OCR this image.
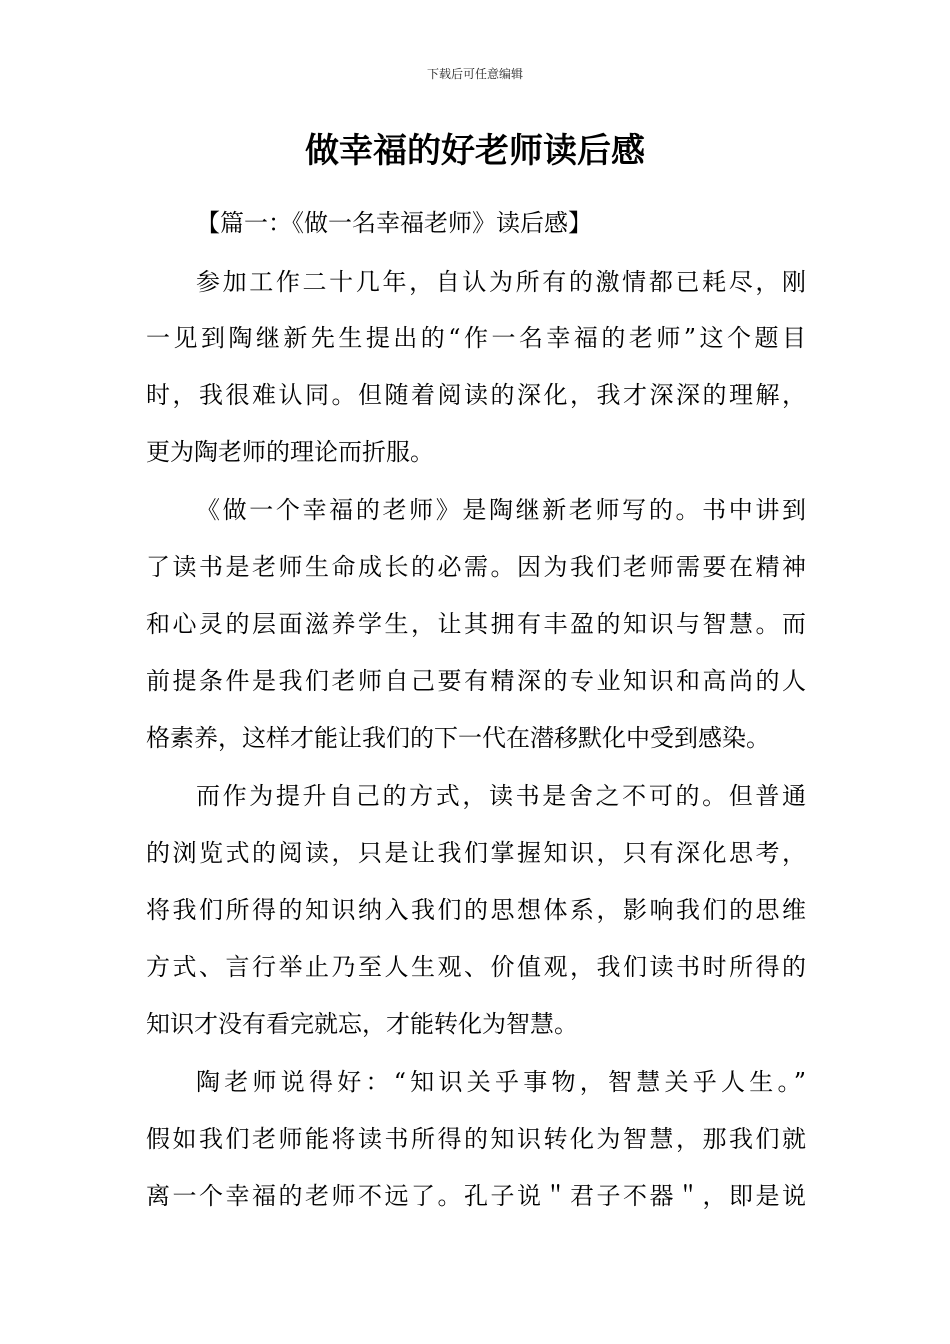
下载后可任意编辑
做幸福的好老师读后感

【篇一：《做一名幸福老师》读后感】

参加工作二十几年，自认为所有的激情都已耗尽，刚

一见到陶继新先生提出的“作一名幸福的老师”这个题目

时，我很难认同。但随着阅读的深化，我才深深的理解，

更为陶老师的理论而折服。

《做一个幸福的老师》是陶继新老师写的。书中讲到

了读书是老师生命成长的必需。因为我们老师需要在精神

和心灵的层面滋养学生，让其拥有丰盈的知识与智慧。而

前提条件是我们老师自己要有精深的专业知识和高尚的人

格素养，这样才能让我们的下一代在潜移默化中受到感染。

而作为提升自己的方式，读书是舍之不可的。但普通

的浏览式的阅读，只是让我们掌握知识，只有深化思考，

将我们所得的知识纳入我们的思想体系，影响我们的思维

方式、言行举止乃至人生观、价值观，我们读书时所得的

知识才没有看完就忘，才能转化为智慧。

陶老师说得好：“知识关乎事物，智慧关乎人生。”

假如我们老师能将读书所得的知识转化为智慧，那我们就

离一个幸福的老师不远了。孔子说＂君子不器＂，即是说
